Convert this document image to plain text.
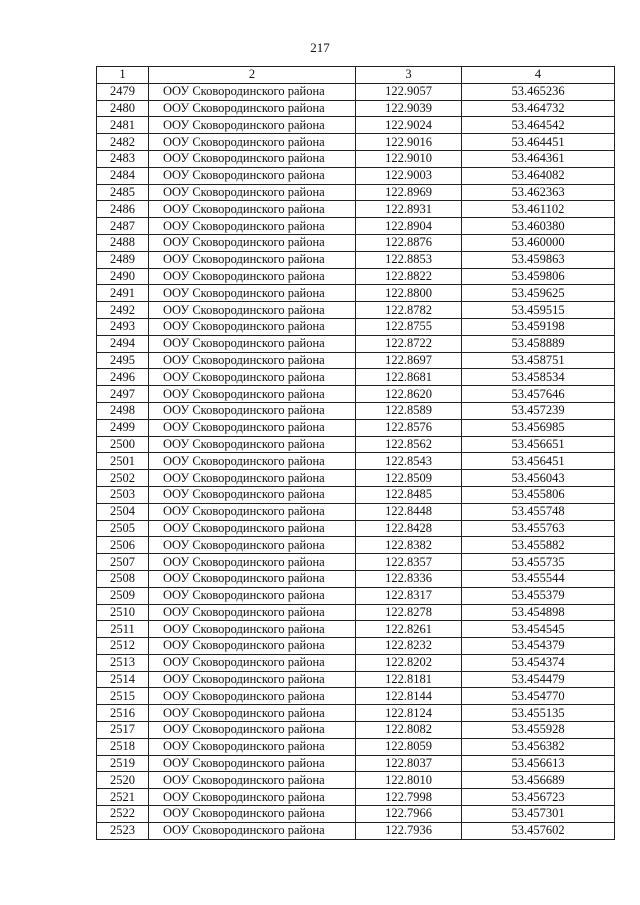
217
1	2	3	4
2479	ООУ Сковородинского района	122.9057	53.465236
2480	ООУ Сковородинского района	122.9039	53.464732
2481	ООУ Сковородинского района	122.9024	53.464542
2482	ООУ Сковородинского района	122.9016	53.464451
2483	ООУ Сковородинского района	122.9010	53.464361
2484	ООУ Сковородинского района	122.9003	53.464082
2485	ООУ Сковородинского района	122.8969	53.462363
2486	ООУ Сковородинского района	122.8931	53.461102
2487	ООУ Сковородинского района	122.8904	53.460380
2488	ООУ Сковородинского района	122.8876	53.460000
2489	ООУ Сковородинского района	122.8853	53.459863
2490	ООУ Сковородинского района	122.8822	53.459806
2491	ООУ Сковородинского района	122.8800	53.459625
2492	ООУ Сковородинского района	122.8782	53.459515
2493	ООУ Сковородинского района	122.8755	53.459198
2494	ООУ Сковородинского района	122.8722	53.458889
2495	ООУ Сковородинского района	122.8697	53.458751
2496	ООУ Сковородинского района	122.8681	53.458534
2497	ООУ Сковородинского района	122.8620	53.457646
2498	ООУ Сковородинского района	122.8589	53.457239
2499	ООУ Сковородинского района	122.8576	53.456985
2500	ООУ Сковородинского района	122.8562	53.456651
2501	ООУ Сковородинского района	122.8543	53.456451
2502	ООУ Сковородинского района	122.8509	53.456043
2503	ООУ Сковородинского района	122.8485	53.455806
2504	ООУ Сковородинского района	122.8448	53.455748
2505	ООУ Сковородинского района	122.8428	53.455763
2506	ООУ Сковородинского района	122.8382	53.455882
2507	ООУ Сковородинского района	122.8357	53.455735
2508	ООУ Сковородинского района	122.8336	53.455544
2509	ООУ Сковородинского района	122.8317	53.455379
2510	ООУ Сковородинского района	122.8278	53.454898
2511	ООУ Сковородинского района	122.8261	53.454545
2512	ООУ Сковородинского района	122.8232	53.454379
2513	ООУ Сковородинского района	122.8202	53.454374
2514	ООУ Сковородинского района	122.8181	53.454479
2515	ООУ Сковородинского района	122.8144	53.454770
2516	ООУ Сковородинского района	122.8124	53.455135
2517	ООУ Сковородинского района	122.8082	53.455928
2518	ООУ Сковородинского района	122.8059	53.456382
2519	ООУ Сковородинского района	122.8037	53.456613
2520	ООУ Сковородинского района	122.8010	53.456689
2521	ООУ Сковородинского района	122.7998	53.456723
2522	ООУ Сковородинского района	122.7966	53.457301
2523	ООУ Сковородинского района	122.7936	53.457602
